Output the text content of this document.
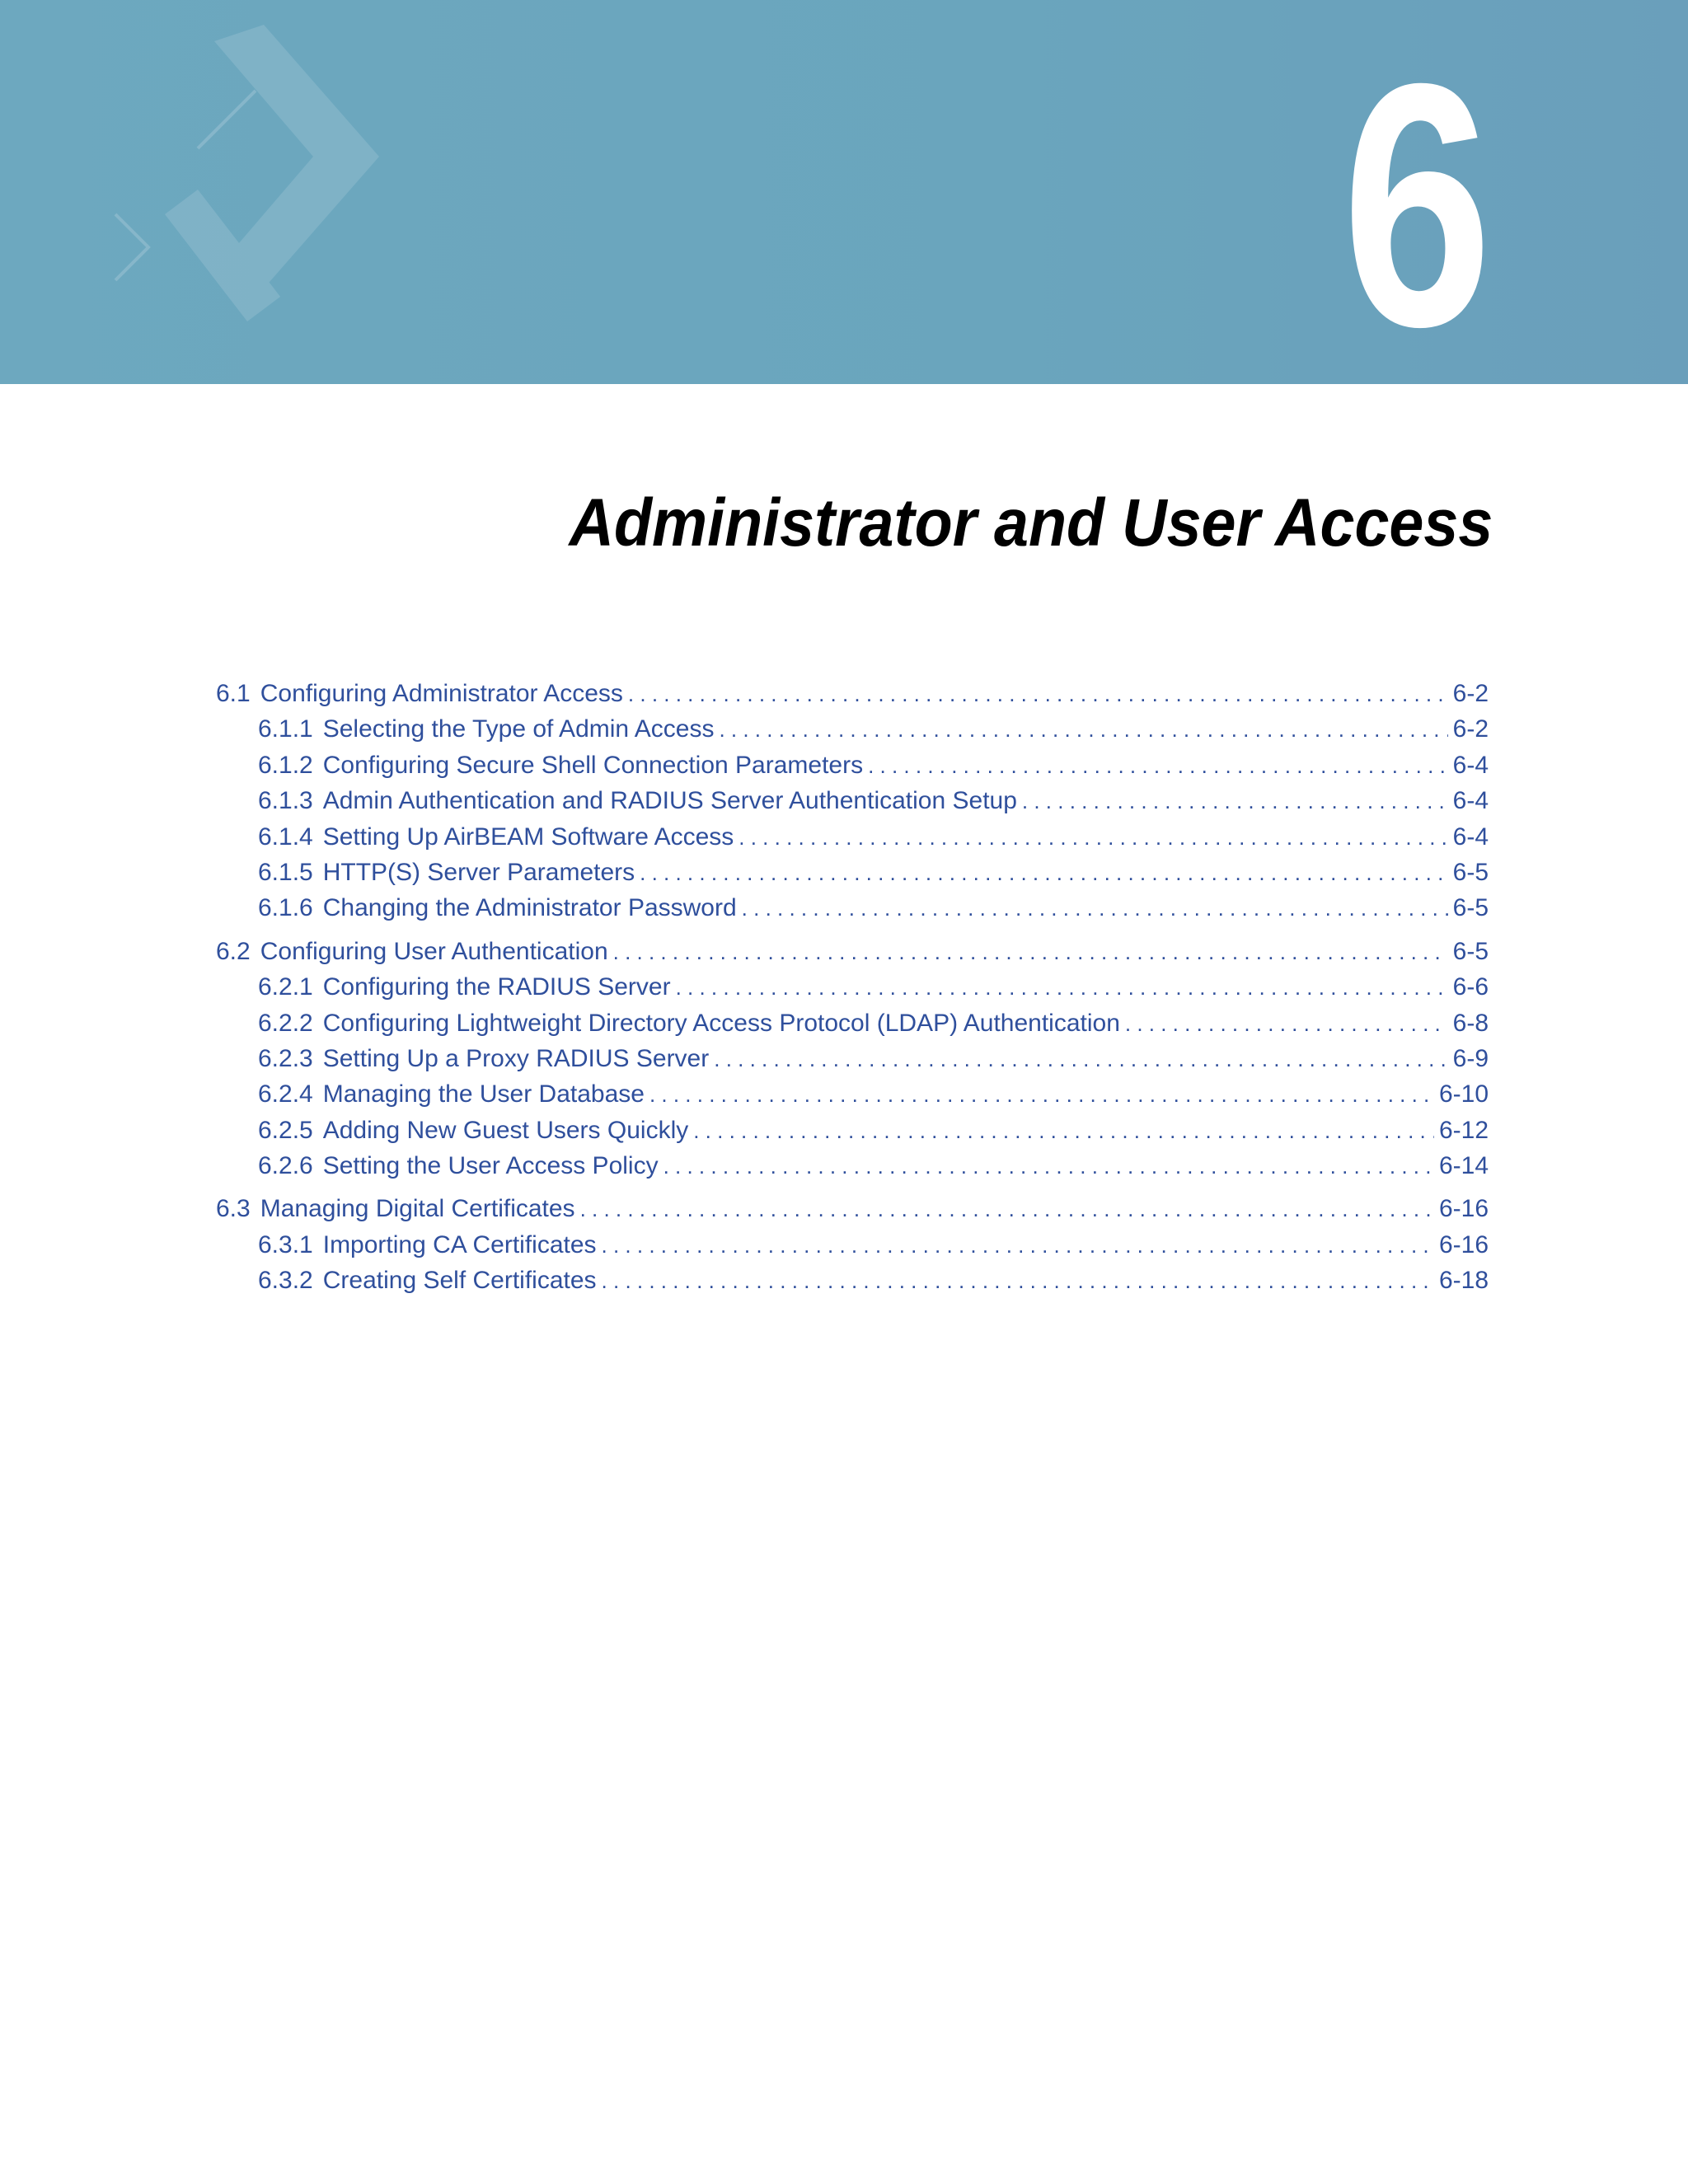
6
Administrator and User Access
6.1 Configuring Administrator Access . . .	6-2
6.1.1 Selecting the Type of Admin Access . . .	6-2
6.1.2 Configuring Secure Shell Connection Parameters . . .	6-4
6.1.3 Admin Authentication and RADIUS Server Authentication Setup . . .	6-4
6.1.4 Setting Up AirBEAM Software Access . . .	6-4
6.1.5 HTTP(S) Server Parameters . . .	6-5
6.1.6 Changing the Administrator Password . . .	6-5
6.2 Configuring User Authentication . . .	6-5
6.2.1 Configuring the RADIUS Server . . .	6-6
6.2.2 Configuring Lightweight Directory Access Protocol (LDAP) Authentication . . .	6-8
6.2.3 Setting Up a Proxy RADIUS Server . . .	6-9
6.2.4 Managing the User Database . . .	6-10
6.2.5 Adding New Guest Users Quickly . . .	6-12
6.2.6 Setting the User Access Policy . . .	6-14
6.3 Managing Digital Certificates . . .	6-16
6.3.1 Importing CA Certificates . . .	6-16
6.3.2 Creating Self Certificates . . .	6-18
